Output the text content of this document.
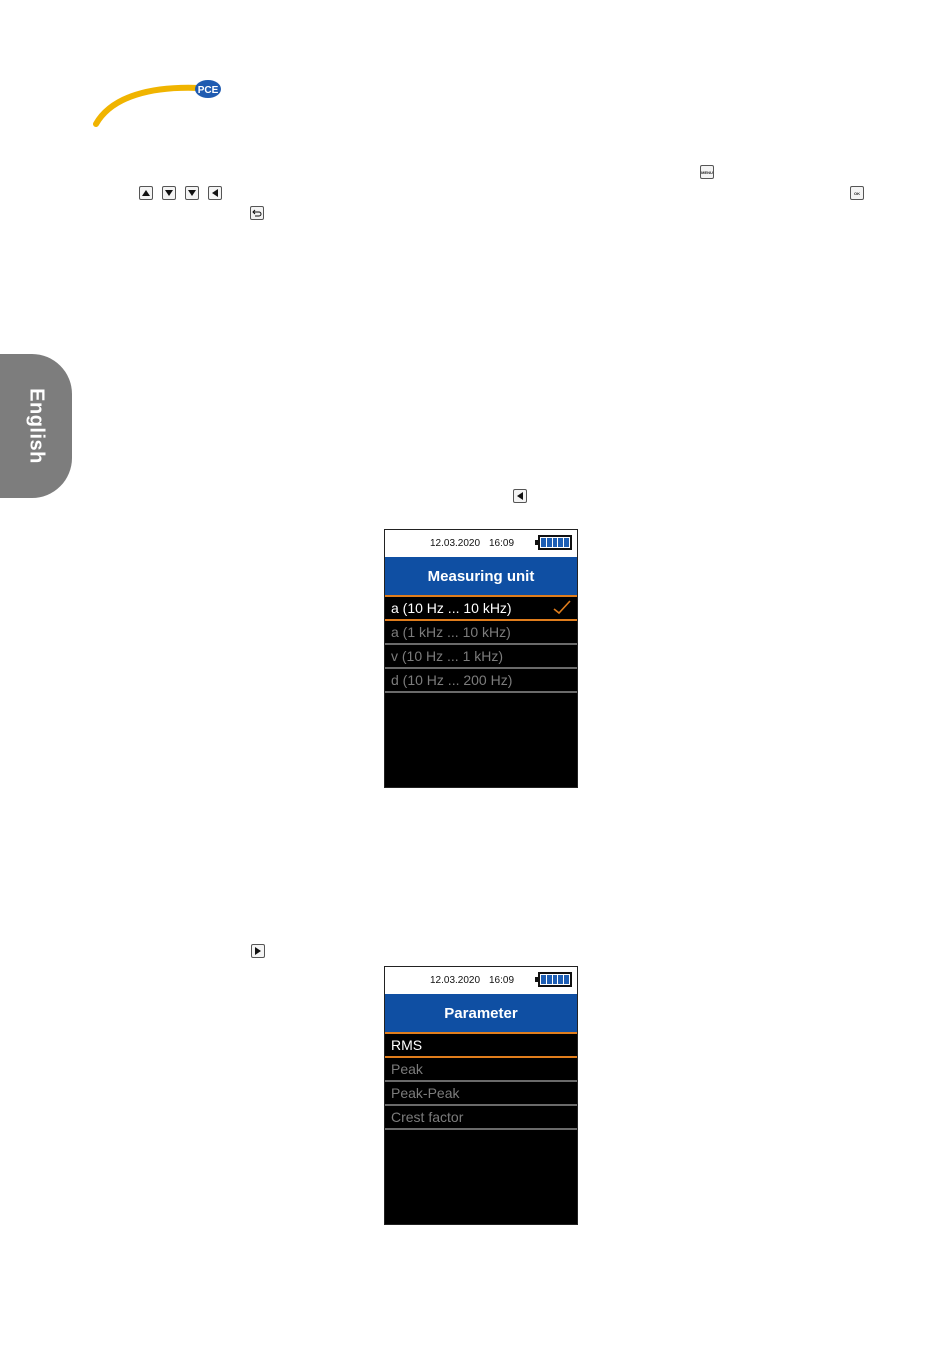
PCE
MENU
OK
English
12.03.2020 16:09
Measuring unit
a (10 Hz ... 10 kHz)
a (1 kHz ... 10 kHz)
v (10 Hz ... 1 kHz)
d (10 Hz ... 200 Hz)
12.03.2020 16:09
Parameter
RMS
Peak
Peak-Peak
Crest factor
